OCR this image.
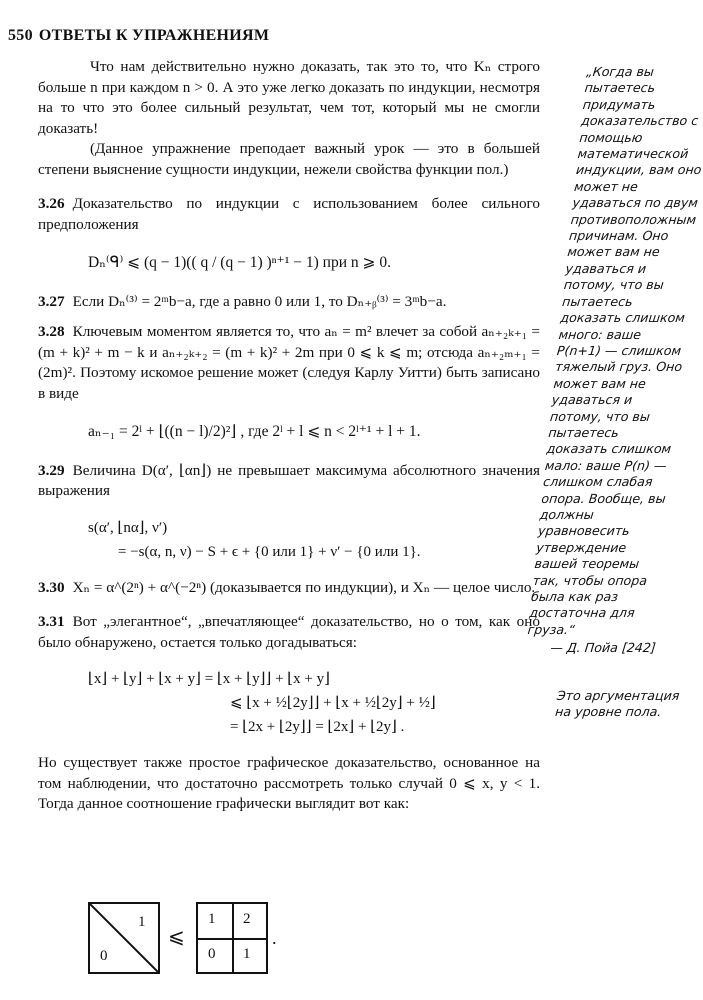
550 ОТВЕТЫ К УПРАЖНЕНИЯМ

Что нам действительно нужно доказать, так это то, что Kₙ строго больше n при каждом n > 0. А это уже легко доказать по индукции, несмотря на то что это более сильный результат, чем тот, который мы не смогли доказать!

(Данное упражнение преподает важный урок — это в большей степени выяснение сущности индукции, нежели свойства функции пол.)

3.26 Доказательство по индукции с использованием более сильного предположения

Dₙ⁽ᑫ⁾ ⩽ (q − 1)(( q / (q − 1) )ⁿ⁺¹ − 1) при n ⩾ 0.

3.27 Если Dₙ⁽³⁾ = 2ᵐb−a, где a равно 0 или 1, то Dₙ₊ᵦ⁽³⁾ = 3ᵐb−a.

3.28 Ключевым моментом является то, что aₙ = m² влечет за собой aₙ₊₂ₖ₊₁ = (m + k)² + m − k и aₙ₊₂ₖ₊₂ = (m + k)² + 2m при 0 ⩽ k ⩽ m; отсюда aₙ₊₂ₘ₊₁ = (2m)². Поэтому искомое решение может (следуя Карлу Уитти) быть записано в виде

aₙ₋₁ = 2ˡ + ⌊((n − l)/2)²⌋ , где 2ˡ + l ⩽ n < 2ˡ⁺¹ + l + 1.

3.29 Величина D(α′, ⌊αn⌋) не превышает максимума абсолютного значения выражения

s(α′, ⌊nα⌋, ν′)
= −s(α, n, ν) − S + ϵ + {0 или 1} + ν′ − {0 или 1}.

3.30 Xₙ = α^(2ⁿ) + α^(−2ⁿ) (доказывается по индукции), и Xₙ — целое число.

3.31 Вот „элегантное“, „впечатляющее“ доказательство, но о том, как оно было обнаружено, остается только догадываться:

⌊x⌋ + ⌊y⌋ + ⌊x + y⌋ = ⌊x + ⌊y⌋⌋ + ⌊x + y⌋
⩽ ⌊x + ½⌊2y⌋⌋ + ⌊x + ½⌊2y⌋ + ½⌋
= ⌊2x + ⌊2y⌋⌋ = ⌊2x⌋ + ⌊2y⌋ .

Но существует также простое графическое доказательство, основанное на том наблюдении, что достаточно рассмотреть только случай 0 ⩽ x, y < 1. Тогда данное соотношение графически выглядит вот как:

1
0
⩽
1 2
0 1
.
„Когда вы пытаетесь придумать доказательство с помощью математической индукции, вам оно может не удаваться по двум противоположным причинам. Оно может вам не удаваться и потому, что вы пытаетесь доказать слишком много: ваше P(n+1) — слишком тяжелый груз. Оно может вам не удаваться и потому, что вы пытаетесь доказать слишком мало: ваше P(n) — слишком слабая опора. Вообще, вы должны уравновесить утверждение вашей теоремы так, чтобы опора была как раз достаточна для груза.“
— Д. Пойа [242]
Это аргументация на уровне пола.
